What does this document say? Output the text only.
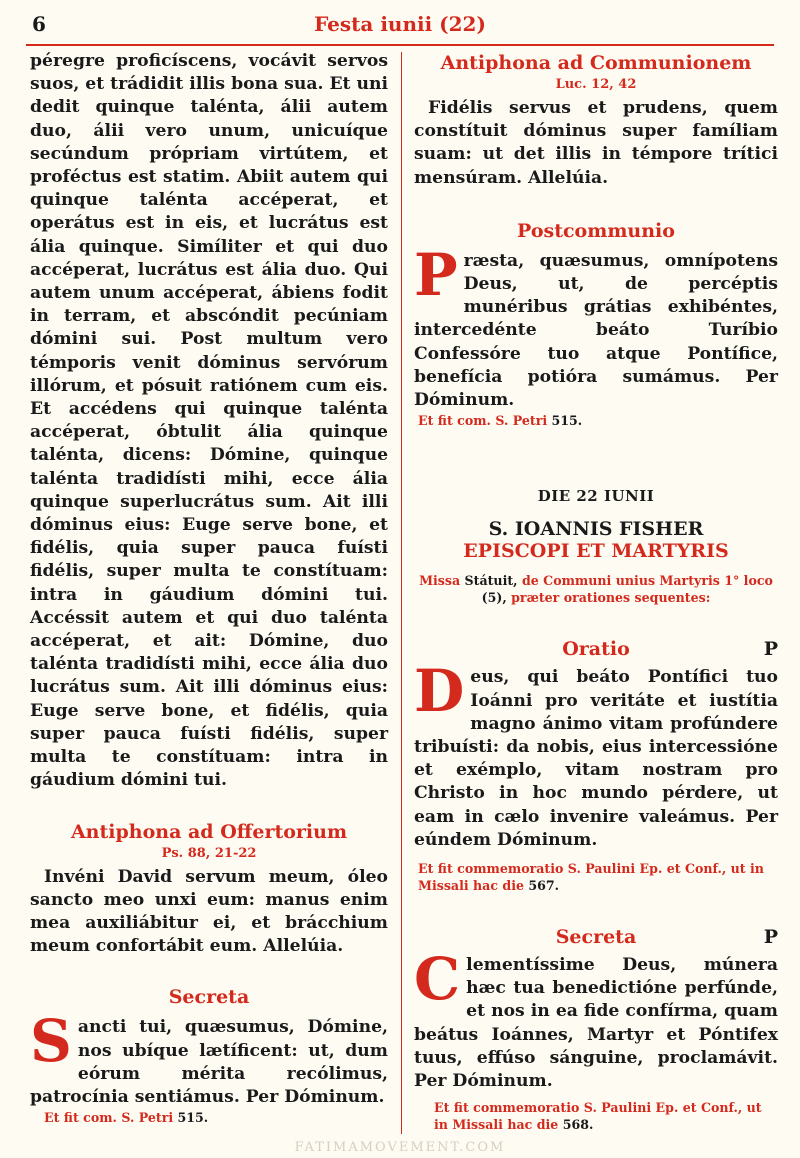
6	Festa iunii (22)

péregre proficíscens, vocávit servos suos, et trádidit illis bona sua. Et uni dedit quinque talénta, álii autem duo, álii vero unum, unicuíque secúndum própriam virtútem, et proféctus est statim. Abiit autem qui quinque talénta accéperat, et operátus est in eis, et lucrátus est ália quinque. Simíliter et qui duo accéperat, lucrátus est ália duo. Qui autem unum accéperat, ábiens fodit in terram, et abscóndit pecúniam dómini sui. Post multum vero témporis venit dóminus servórum illórum, et pósuit ratiónem cum eis. Et accédens qui quinque talénta accéperat, óbtulit ália quinque talénta, dicens: Dómine, quinque talénta tradidísti mihi, ecce ália quinque superlucrátus sum. Ait illi dóminus eius: Euge serve bone, et fidélis, quia super pauca fuísti fidélis, super multa te constítuam: intra in gáudium dómini tui. Accéssit autem et qui duo talénta accéperat, et ait: Dómine, duo talénta tradidísti mihi, ecce ália duo lucrátus sum. Ait illi dóminus eius: Euge serve bone, et fidélis, quia super pauca fuísti fidélis, super multa te constítuam: intra in gáudium dómini tui.

Antiphona ad Offertorium
Ps. 88, 21-22

Invéni David servum meum, óleo sancto meo unxi eum: manus enim mea auxiliábitur ei, et brácchium meum confortábit eum. Allelúia.

Secreta

Sancti tui, quæsumus, Dómine, nos ubíque lætíficent: ut, dum eórum mérita recólimus, patrocínia sentiámus. Per Dóminum.

Et fit com. S. Petri 515.
Antiphona ad Communionem
Luc. 12, 42

Fidélis servus et prudens, quem constítuit dóminus super famíliam suam: ut det illis in témpore trítici mensúram. Allelúia.

Postcommunio

Præsta, quæsumus, omnípotens Deus, ut, de percéptis munéribus grátias exhibéntes, intercedénte beáto Turíbio Confessóre tuo atque Pontífice, benefícia potióra sumámus. Per Dóminum.

Et fit com. S. Petri 515.
DIE 22 IUNII
S. IOANNIS FISHER
EPISCOPI ET MARTYRIS
Missa Státuit, de Communi unius Martyris 1° loco (5), præter orationes sequentes:
Oratio	P

Deus, qui beáto Pontífici tuo Ioánni pro veritáte et iustítia magno ánimo vitam profúndere tribuísti: da nobis, eius intercessióne et exémplo, vitam nostram pro Christo in hoc mundo pérdere, ut eam in cælo invenire valeámus. Per eúndem Dóminum.

Et fit commemoratio S. Paulini Ep. et Conf., ut in Missali hac die 567.
Secreta	P

Clementíssime Deus, múnera hæc tua benedictióne perfúnde, et nos in ea fide confírma, quam beátus Ioánnes, Martyr et Póntifex tuus, effúso sánguine, proclamávit. Per Dóminum.

Et fit commemoratio S. Paulini Ep. et Conf., ut in Missali hac die 568.
FATIMAMOVEMENT.COM
